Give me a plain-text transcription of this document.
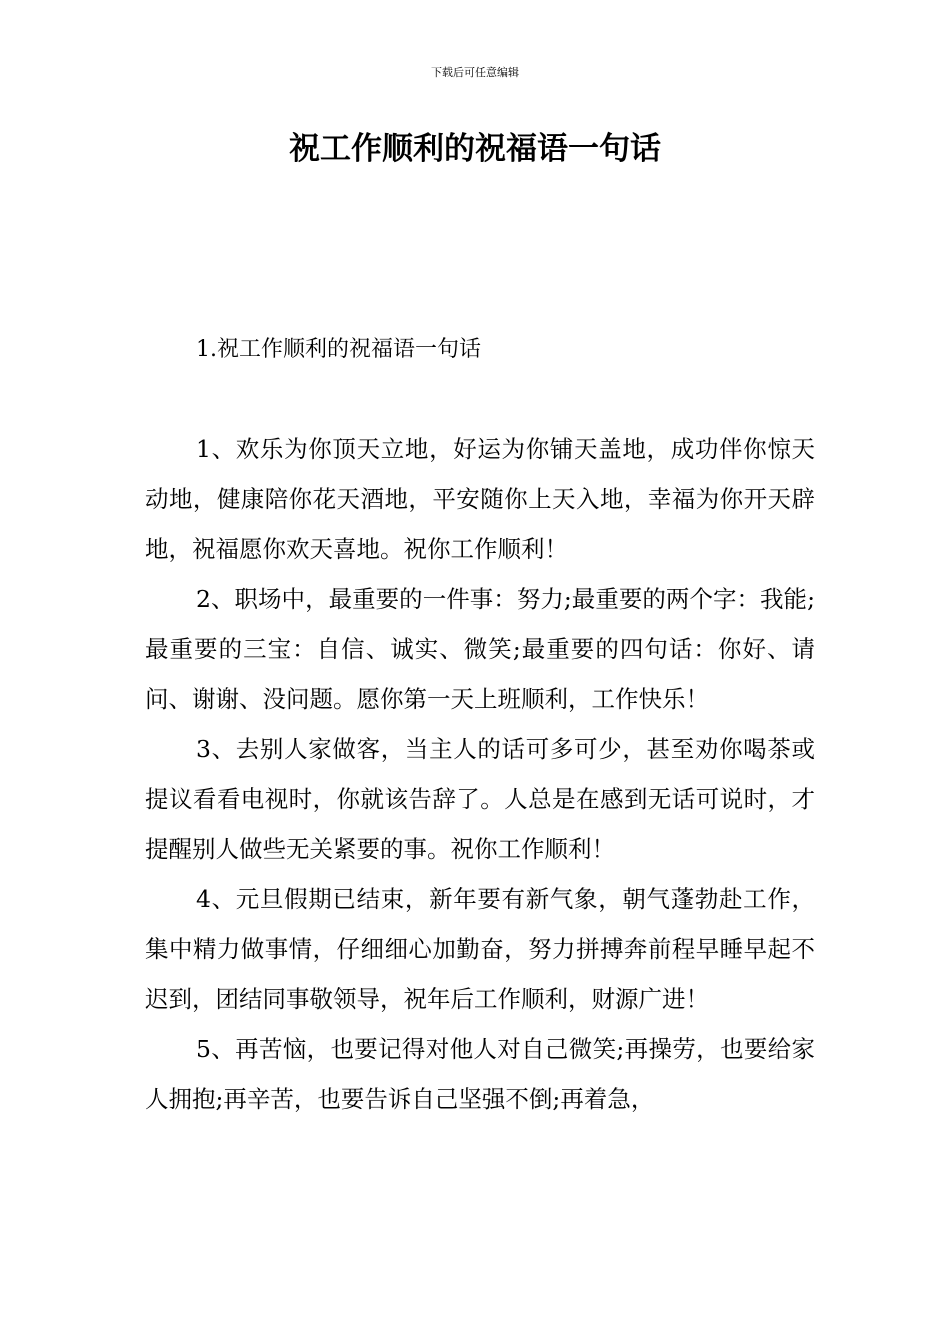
下载后可任意编辑
祝工作顺利的祝福语一句话
1.祝工作顺利的祝福语一句话

1、欢乐为你顶天立地，好运为你铺天盖地，成功伴你惊天动地，健康陪你花天酒地，平安随你上天入地，幸福为你开天辟地，祝福愿你欢天喜地。祝你工作顺利！

2、职场中，最重要的一件事：努力;最重要的两个字：我能;最重要的三宝：自信、诚实、微笑;最重要的四句话：你好、请问、谢谢、没问题。愿你第一天上班顺利，工作快乐！

3、去别人家做客，当主人的话可多可少，甚至劝你喝茶或提议看看电视时，你就该告辞了。人总是在感到无话可说时，才提醒别人做些无关紧要的事。祝你工作顺利！

4、元旦假期已结束，新年要有新气象，朝气蓬勃赴工作，集中精力做事情，仔细细心加勤奋，努力拼搏奔前程早睡早起不迟到，团结同事敬领导，祝年后工作顺利，财源广进！

5、再苦恼，也要记得对他人对自己微笑;再操劳，也要给家人拥抱;再辛苦，也要告诉自己坚强不倒;再着急，
